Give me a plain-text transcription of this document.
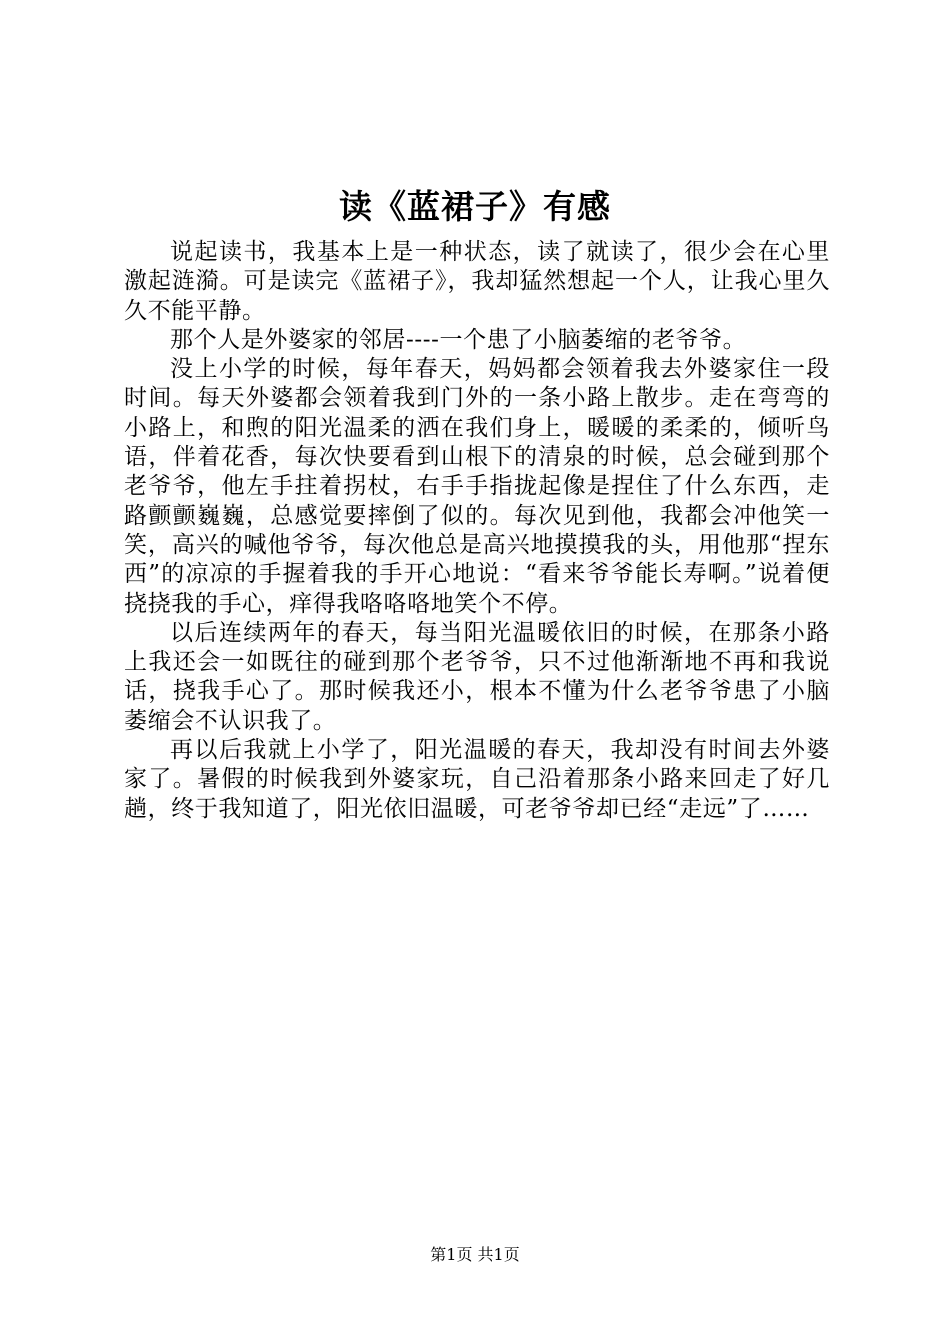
读《蓝裙子》有感

说起读书，我基本上是一种状态，读了就读了，很少会在心里激起涟漪。可是读完《蓝裙子》，我却猛然想起一个人，让我心里久久不能平静。

那个人是外婆家的邻居----一个患了小脑萎缩的老爷爷。

没上小学的时候，每年春天，妈妈都会领着我去外婆家住一段时间。每天外婆都会领着我到门外的一条小路上散步。走在弯弯的小路上，和煦的阳光温柔的洒在我们身上，暖暖的柔柔的，倾听鸟语，伴着花香，每次快要看到山根下的清泉的时候，总会碰到那个老爷爷，他左手拄着拐杖，右手手指拢起像是捏住了什么东西，走路颤颤巍巍，总感觉要摔倒了似的。每次见到他，我都会冲他笑一笑，高兴的喊他爷爷，每次他总是高兴地摸摸我的头，用他那“捏东西”的凉凉的手握着我的手开心地说：“看来爷爷能长寿啊。”说着便挠挠我的手心，痒得我咯咯咯地笑个不停。

以后连续两年的春天，每当阳光温暖依旧的时候，在那条小路上我还会一如既往的碰到那个老爷爷，只不过他渐渐地不再和我说话，挠我手心了。那时候我还小，根本不懂为什么老爷爷患了小脑萎缩会不认识我了。

再以后我就上小学了，阳光温暖的春天，我却没有时间去外婆家了。暑假的时候我到外婆家玩，自己沿着那条小路来回走了好几趟，终于我知道了，阳光依旧温暖，可老爷爷却已经“走远”了……

第1页 共1页
